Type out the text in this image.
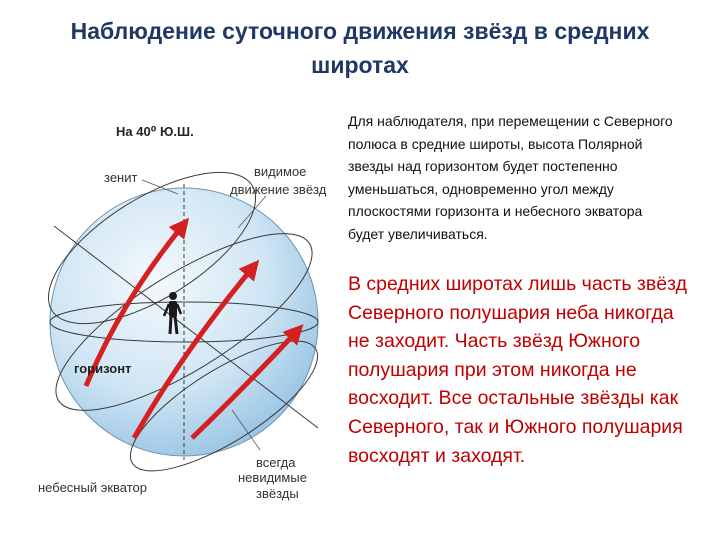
Наблюдение суточного движения звёзд в средних широтах
На 40⁰ Ю.Ш.
зенит	видимое
движение звёзд
горизонт
всегда
невидимые
звёзды
небесный экватор
Для наблюдателя, при перемещении с Северного полюса в средние широты, высота Полярной звезды над горизонтом будет постепенно уменьшаться, одновременно угол между плоскостями горизонта и небесного экватора будет увеличиваться.
В средних широтах лишь часть звёзд Северного полушария неба никогда не заходит. Часть звёзд Южного полушария при этом никогда не восходит. Все остальные звёзды как Северного, так и Южного полушария восходят и заходят.
